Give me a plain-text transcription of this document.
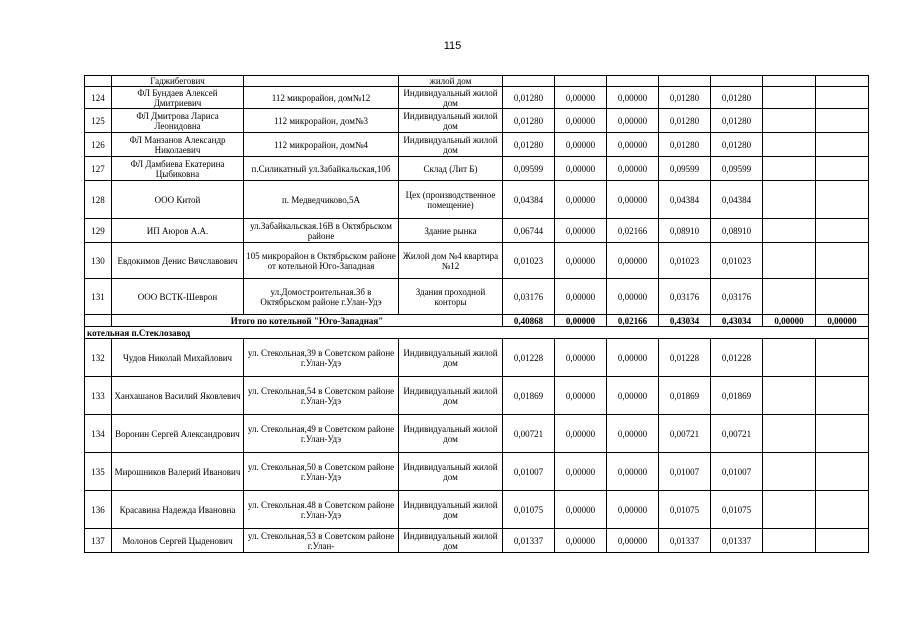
115
	Гаджибегович		жилой дом							
124	ФЛ Бундаев Алексей Дмитриевич	112 микрорайон, дом№12	Индивидуальный жилой дом	0,01280	0,00000	0,00000	0,01280	0,01280		
125	ФЛ Дмитрова Лариса Леонидовна	112 микрорайон, дом№3	Индивидуальный жилой дом	0,01280	0,00000	0,00000	0,01280	0,01280		
126	ФЛ Манзанов Александр Николаевич	112 микрорайон, дом№4	Индивидуальный жилой дом	0,01280	0,00000	0,00000	0,01280	0,01280		
127	ФЛ Дамбиева Екатерина Цыбиковна	п.Силикатный ул.Забайкальская,10б	Склад (Лит Б)	0,09599	0,00000	0,00000	0,09599	0,09599		
128	ООО Китой	п. Медведчиково,5А	Цех (производственное помещение)	0,04384	0,00000	0,00000	0,04384	0,04384		
129	ИП Аюров А.А.	ул.Забайкальская.16В в Октябрьском районе	Здание рынка	0,06744	0,00000	0,02166	0,08910	0,08910		
130	Евдокимов Денис Вячславович	105 микрорайон в Октябрьском районе от котельной Юго-Западная	Жилой дом №4 квартира №12	0,01023	0,00000	0,00000	0,01023	0,01023		
131	ООО ВСТК-Шеврон	ул.Домостроительная.3б в Октябрьском районе г.Улан-Удэ	Здания проходной конторы	0,03176	0,00000	0,00000	0,03176	0,03176		
	Итого по котельной "Юго-Западная"			0,40868	0,00000	0,02166	0,43034	0,43034	0,00000	0,00000
котельная п.Стеклозавод										
132	Чудов Николай Михайлович	ул. Стекольная,39 в Советском районе г.Улан-Удэ	Индивидуальный жилой дом	0,01228	0,00000	0,00000	0,01228	0,01228		
133	Ханхашанов Василий Яковлевич	ул. Стекольная,54 в Советском районе г.Улан-Удэ	Индивидуальный жилой дом	0,01869	0,00000	0,00000	0,01869	0,01869		
134	Воронин Сергей Александрович	ул. Стекольная,49 в Советском районе г.Улан-Удэ	Индивидуальный жилой дом	0,00721	0,00000	0,00000	0,00721	0,00721		
135	Мирошников Валерий Иванович	ул. Стекольная,50 в Советском районе г.Улан-Удэ	Индивидуальный жилой дом	0,01007	0,00000	0,00000	0,01007	0,01007		
136	Красавина Надежда Ивановна	ул. Стекольная.48 в Советском районе г.Улан-Удэ	Индивидуальный жилой дом	0,01075	0,00000	0,00000	0,01075	0,01075		
137	Молонов Сергей Цыденович	ул. Стекольная,53 в Советском районе г.Улан-	Индивидуальный жилой дом	0,01337	0,00000	0,00000	0,01337	0,01337		
